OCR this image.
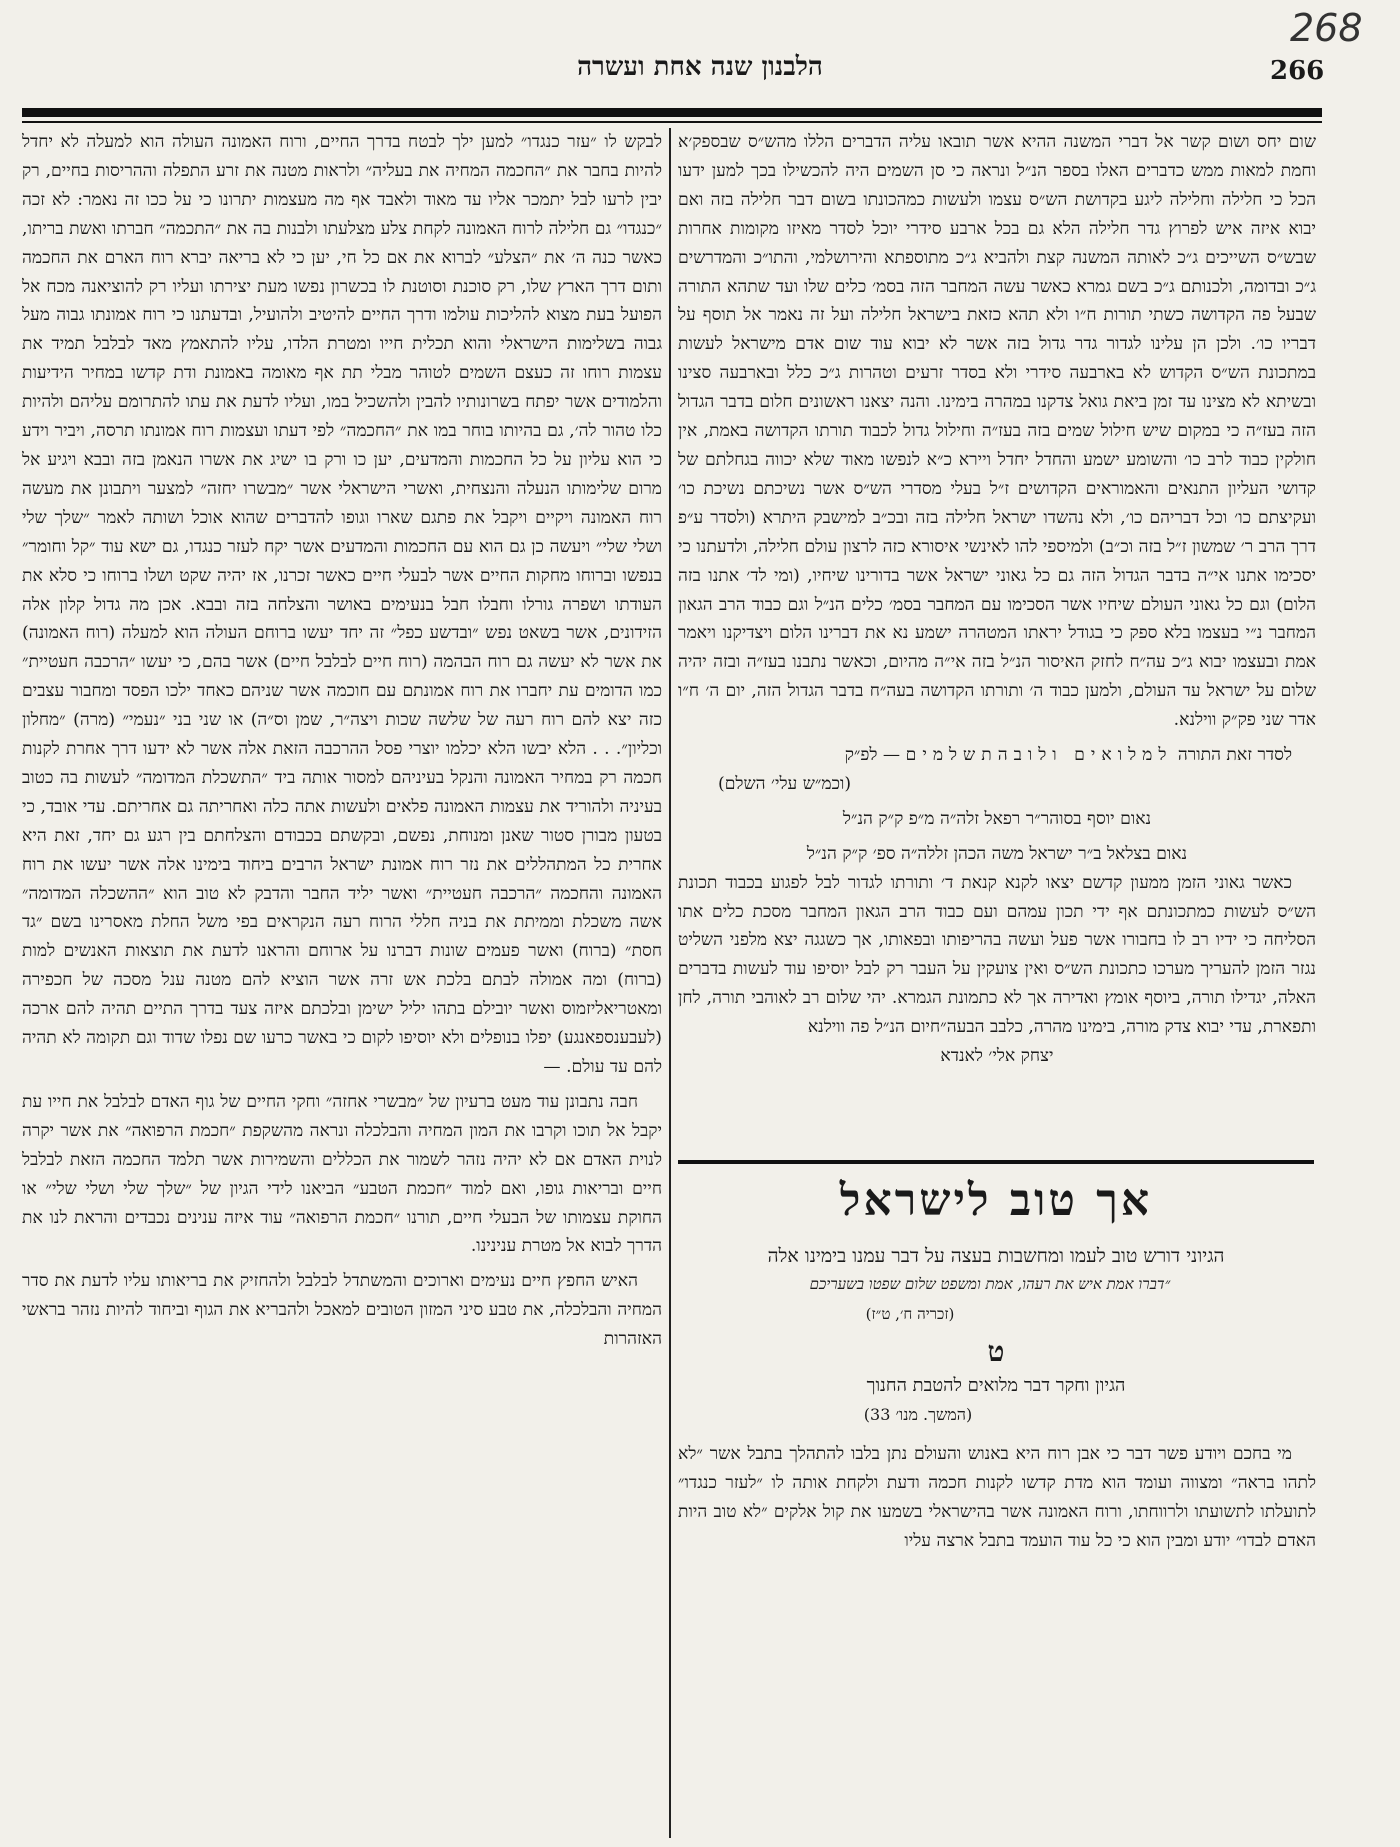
268
266
הלבנון שנה אחת ועשרה

שום יחס ושום קשר אל דברי המשנה ההיא אשר תובאו עליה הדברים הללו מהש״ס שבספק׳א וחמת למאות ממש כדברים האלו בספר הנ״ל ונראה כי סן השמים היה להכשילו בכך למען ידעו הכל כי חלילה וחלילה ליגע בקדושת הש״ס עצמו ולעשות כמהכונתו בשום דבר חלילה בזה ואם יבוא איזה איש לפרוץ גדר חלילה הלא גם בכל ארבע סידרי יוכל לסדר מאיזו מקומות אחרות שבש״ס השייכים ג״כ לאותה המשנה קצת ולהביא ג״כ מתוספתא והירושלמי, והתו״כ והמדרשים ג״כ ובדומה, ולכנותם ג״כ בשם גמרא כאשר עשה המחבר הזה בסמ׳ כלים שלו ועד שתהא התורה שבעל פה הקדושה כשתי תורות ח״ו ולא תהא כזאת בישראל חלילה ועל זה נאמר אל תוסף על דבריו כו׳. ולכן הן עלינו לגדור גדר גדול בזה אשר לא יבוא עוד שום אדם מישראל לעשות במתכונת הש״ס הקדוש לא בארבעה סידרי ולא בסדר זרעים וטהרות ג״כ כלל ובארבעה סצינו ובשיתא לא מצינו עד זמן ביאת גואל צדקנו במהרה בימינו. והנה יצאנו ראשונים חלום בדבר הגדול הזה בעז״ה כי במקום שיש חילול שמים בזה בעז״ה וחילול גדול לכבוד תורתו הקדושה באמת, אין חולקין כבוד לרב כו׳ והשומע ישמע והחדל יחדל ויירא כ״א לנפשו מאוד שלא יכווה בגחלתם של קדושי העליון התנאים והאמוראים הקדושים ז״ל בעלי מסדרי הש״ס אשר נשיכתם נשיכת כו׳ ועקיצתם כו׳ וכל דבריהם כו׳, ולא נהשדו ישראל חלילה בזה ובכ״ב למישבק היתרא (ולסדר ע״פ דרך הרב ר׳ שמשון ז״ל בזה וכ״ב) ולמיספי להו לאינשי איסורא כזה לרצון עולם חלילה, ולדעתנו כי יסכימו אתנו אי״ה בדבר הגדול הזה גם כל גאוני ישראל אשר בדורינו שיחיו, (ומי לד׳ אתנו בזה הלום) וגם כל גאוני העולם שיחיו אשר הסכימו עם המחבר בסמ׳ כלים הנ״ל וגם כבוד הרב הגאון המחבר נ״י בעצמו בלא ספק כי בגודל יראתו המטהרה ישמע נא את דברינו הלום ויצדיקנו ויאמר אמת ובעצמו יבוא ג״כ עה״ח לחזק האיסור הנ״ל בזה אי״ה מהיום, וכאשר נתבנו בעז״ה ובזה יהיה שלום על ישראל עד העולם, ולמען כבוד ה׳ ותורתו הקדושה בעה״ח בדבר הגדול הזה, יום ה׳ ח״ו אדר שני פק״ק ווילנא.

לסדר זאת התורה למלואים ולובהתשלמים — לפ״ק

(וכמ״ש עלי׳ השלם)

נאום יוסף בסוהר״ר רפאל זלה״ה מ״פ ק״ק הנ״ל

נאום בצלאל ב״ר ישראל משה הכהן זללה״ה ספ׳ ק״ק הנ״ל

כאשר גאוני הזמן ממעון קדשם יצאו לקנא קנאת ד׳ ותורתו לגדור לבל לפגוע בכבוד תכונת הש״ס לעשות כמתכונתם אף ידי תכון עמהם ועם כבוד הרב הגאון המחבר מסכת כלים אתו הסליחה כי ידיו רב לו בחבורו אשר פעל ועשה בהריפותו ובפאותו, אך כשגגה יצא מלפני השליט נגזר הזמן להעריך מערכו כתכונת הש״ס ואין צועקין על העבר רק לבל יוסיפו עוד לעשות בדברים האלה, יגדילו תורה, ביוסף אומץ ואדירה אך לא כתמונת הגמרא. יהי שלום רב לאוהבי תורה, לחן ותפארת, עדי יבוא צדק מורה, בימינו מהרה, כלבב הבעה״חיום הנ״ל פה ווילנא

יצחק אלי׳ לאנדא

אך טוב לישראל
הגיוני דורש טוב לעמו ומחשבות בעצה על דבר עמנו בימינו אלה
״דברו אמת איש את רעהו, אמת ומשפט שלום שפטו בשעריכם
(זכריה ח׳, ט״ז)
ט
הגיון וחקר דבר מלואים להטבת החנוך
(המשך. מנו׳ 33)

מי בחכם ויודע פשר דבר כי אבן רוח היא באנוש והעולם נתן בלבו להתהלך בתבל אשר ״לא לתהו בראה״ ומצווה ועומד הוא מדת קדשו לקנות חכמה ודעת ולקחת אותה לו ״לעזר כנגדו״ לתועלתו לתשועתו ולרווחתו, ורוח האמונה אשר בהישראלי בשמעו את קול אלקים ״לא טוב היות האדם לבדו״ יודע ומבין הוא כי כל עוד הועמד בתבל ארצה עליו

לבקש לו ״עזר כנגדו״ למען ילך לבטח בדרך החיים, ורוח האמונה העולה הוא למעלה לא יחדל להיות בחבר את ״החכמה המחיה את בעליה״ ולראות מטנה את זרע התפלה וההריסות בחיים, רק יבין לרעו לבל יתמכר אליו עד מאוד ולאבד אף מה מעצמות יתרונו כי על ככו זה נאמר: לא זכה ״כנגדו״ גם חלילה לרוח האמונה לקחת צלע מצלעתו ולבנות בה את ״התכמה״ חברתו ואשת בריתו, כאשר כנה ה׳ את ״הצלע״ לברוא את אם כל חי, יען כי לא בריאה יברא רוח הארם את החכמה ותום דרך הארץ שלו, רק סוכנת וסוטנת לו בכשרון נפשו מעת יצירתו ועליו רק להוציאנה מכח אל הפועל בעת מצוא להליכות עולמו ודרך החיים להיטיב ולהועיל, ובדעתנו כי רוח אמונתו גבוה מעל גבוה בשלימות הישראלי והוא תכלית חייו ומטרת הלדו, עליו להתאמץ מאד לבלבל תמיד את עצמות רוחו זה כעצם השמים לטוהר מבלי תת אף מאומה באמונת ודת קדשו במחיר הידיעות והלמודים אשר יפתח בשרונותיו להבין ולהשכיל במו, ועליו לדעת את עתו להתרומם עליהם ולהיות כלו טהור לה׳, גם בהיותו בוחר במו את ״החכמה״ לפי דעתו ועצמות רוח אמונתו תרסה, ויביר וידע כי הוא עליון על כל החכמות והמדעים, יען כו ורק בו ישיג את אשרו הנאמן בזה ובבא ויגיע אל מרום שלימותו הנעלה והנצחית, ואשרי הישראלי אשר ״מבשרו יחזה״ למצער ויתבונן את מעשה רוח האמונה ויקיים ויקבל את פתגם שארו וגופו להדברים שהוא אוכל ושותה לאמר ״שלך שלי ושלי שלי״ ויעשה כן גם הוא עם החכמות והמדעים אשר יקח לעזר כנגדו, גם ישא עוד ״קל וחומר״ בנפשו וברוחו מחקות החיים אשר לבעלי חיים כאשר זכרנו, אז יהיה שקט ושלו ברוחו כי סלא את העודתו ושפרה גורלו וחבלו חבל בנעימים באושר והצלחה בזה ובבא. אכן מה גדול קלון אלה הזידונים, אשר בשאט נפש ״ובדשע כפל״ זה יחד יעשו ברוחם העולה הוא למעלה (רוח האמונה) את אשר לא יעשה גם רוח הבהמה (רוח חיים לבלבל חיים) אשר בהם, כי יעשו ״הרכבה חעטיית״ כמו הדומים עת יחברו את רוח אמונתם עם חוכמה אשר שניהם כאחד ילכו הפסד ומחבור עצבים כזה יצא להם רוח רעה של שלשה שכות ויצה״ר, שמן וס״ה) או שני בני ״נעמי״ (מרה) ״מחלון וכליון״. . . הלא יבשו הלא יכלמו יוצרי פסל ההרכבה הזאת אלה אשר לא ידעו דרך אחרת לקנות חכמה רק במחיר האמונה והנקל בעיניהם למסור אותה ביד ״התשכלת המדומה״ לעשות בה כטוב בעיניה ולהוריד את עצמות האמונה פלאים ולעשות אתה כלה ואחריתה גם אחריתם. עדי אובד, כי בטעון מבורן סטור שאנן ומנוחת, נפשם, ובקשתם בכבודם והצלחתם בין רגע גם יחד, זאת היא אחרית כל המתהללים את נזר רוח אמונת ישראל הרבים ביחוד בימינו אלה אשר יעשו את רוח האמונה והחכמה ״הרכבה חעטיית״ ואשר יליד החבר והדבק לא טוב הוא ״ההשכלה המדומה״ אשה משכלת וממיתת את בניה חללי הרוח רעה הנקראים בפי משל החלת מאסרינו בשם ״גד חסת״ (ברוח) ואשר פעמים שונות דברנו על ארוחם והראנו לדעת את תוצאות האנשים למות (ברוח) ומה אמולה לבתם בלכת אש זרה אשר הוציא להם מטנה ענל מסכה של חכפירה ומאטריאליזמוס ואשר יובילם בתהו יליל ישימן ובלכתם איזה צעד בדרך התיים תהיה להם ארכה (לעבענספאנגע) יפלו בנופלים ולא יוסיפו לקום כי באשר כרעו שם נפלו שדוד וגם תקומה לא תהיה להם עד עולם. —

חבה נתבונן עוד מעט ברעיון של ״מבשרי אחזה״ וחקי החיים של גוף האדם לבלבל את חייו עת יקבל אל תוכו וקרבו את המון המחיה והבלכלה ונראה מהשקפת ״חכמת הרפואה״ את אשר יקרה לנוית האדם אם לא יהיה נזהר לשמור את הכללים והשמירות אשר תלמד החכמה הזאת לבלבל חיים ובריאות גופו, ואם למוד ״חכמת הטבע״ הביאנו לידי הגיון של ״שלך שלי ושלי שלי״ או החוקת עצמותו של הבעלי חיים, תורנו ״חכמת הרפואה״ עוד איזה ענינים נכבדים והראת לנו את הדרך לבוא אל מטרת ענינינו.

האיש החפץ חיים נעימים וארוכים והמשתדל לבלבל ולהחזיק את בריאותו עליו לדעת את סדר המחיה והבלכלה, את טבע סיני המזון הטובים למאכל ולהבריא את הגוף וביחוד להיות נזהר בראשי האזהרות
